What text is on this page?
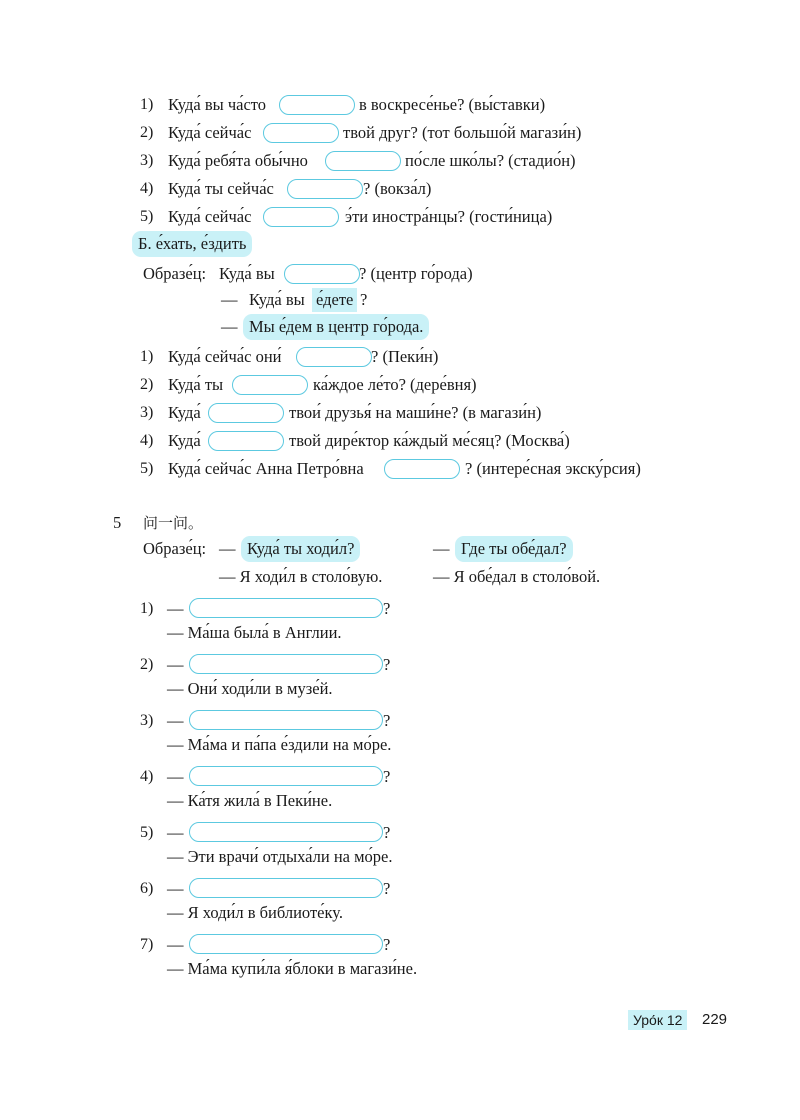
1) Куда́ вы ча́сто	в воскресе́нье? (вы́ставки)
2) Куда́ сейча́с	твой друг? (тот большо́й магази́н)
3) Куда́ ребя́та обы́чно	по́сле шко́лы? (стадио́н)
4) Куда́ ты сейча́с	? (вокза́л)
5) Куда́ сейча́с	э́ти иностра́нцы? (гости́ница)
Б. е́хать, е́здить
Образе́ц: Куда́ вы	? (центр го́рода)
— Куда́ вы е́дете ?
— Мы е́дем в центр го́рода.
1) Куда́ сейча́с они́	? (Пеки́н)
2) Куда́ ты	ка́ждое ле́то? (дере́вня)
3) Куда́	твои́ друзья́ на маши́не? (в магази́н)
4) Куда́	твой дире́ктор ка́ждый ме́сяц? (Москва́)
5) Куда́ сейча́с Анна Петро́вна	? (интере́сная экску́рсия)
5 问一问。
Образе́ц: — Куда́ ты ходи́л?	— Где ты обе́дал?
— Я ходи́л в столо́вую.	— Я обе́дал в столо́вой.
1) —	?
— Ма́ша была́ в Англии.
2) —	?
— Они́ ходи́ли в музе́й.
3) —	?
— Ма́ма и па́па е́здили на мо́ре.
4) —	?
— Ка́тя жила́ в Пеки́не.
5) —	?
— Эти врачи́ отдыха́ли на мо́ре.
6) —	?
— Я ходи́л в библиоте́ку.
7) —	?
— Ма́ма купи́ла я́блоки в магази́не.
Уро́к 12	229
